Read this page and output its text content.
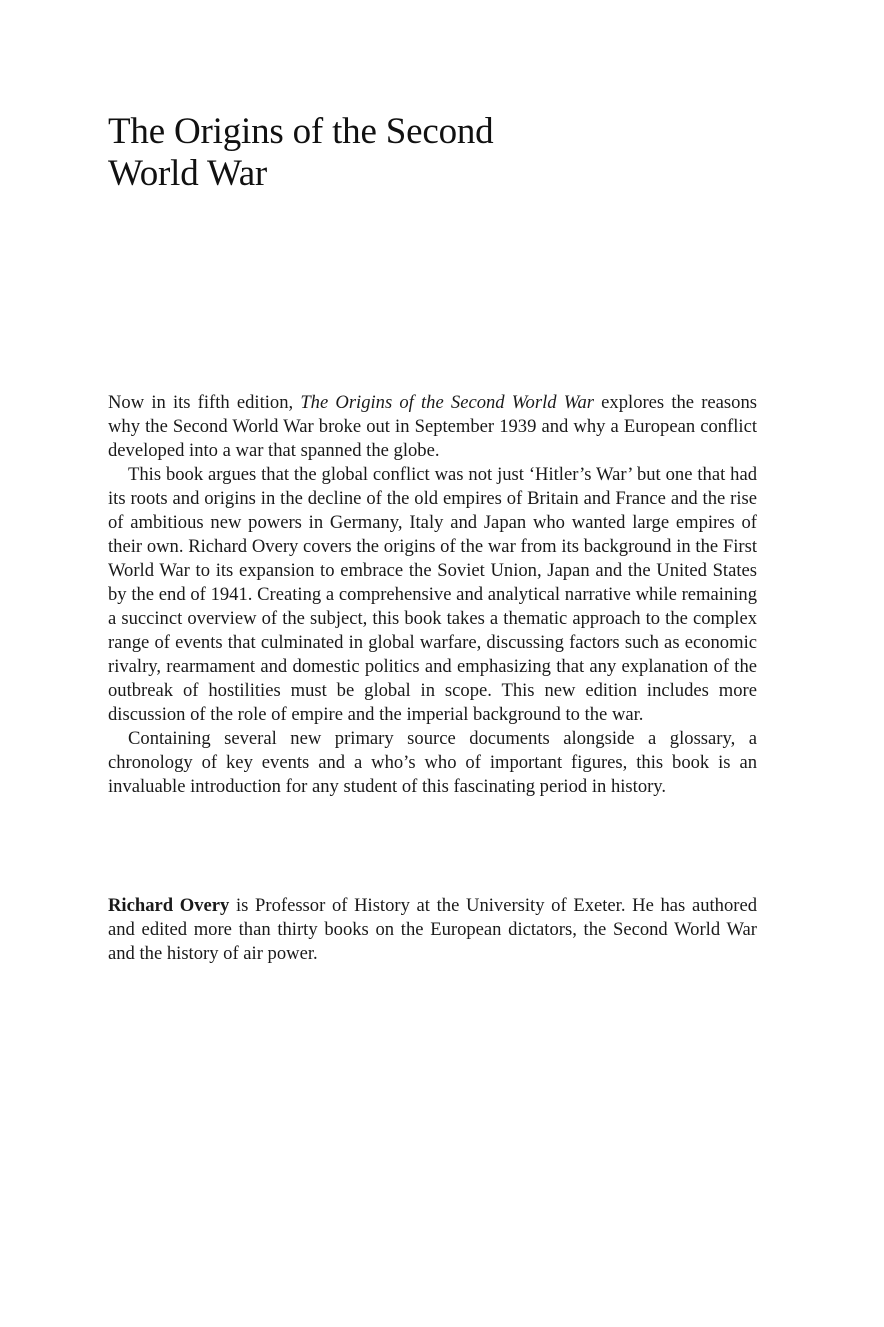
The Origins of the Second
World War

Now in its fifth edition, The Origins of the Second World War explores the reasons why the Second World War broke out in September 1939 and why a European conflict developed into a war that spanned the globe.

This book argues that the global conflict was not just ‘Hitler’s War’ but one that had its roots and origins in the decline of the old empires of Britain and France and the rise of ambitious new powers in Germany, Italy and Japan who wanted large empires of their own. Richard Overy covers the origins of the war from its background in the First World War to its expansion to embrace the Soviet Union, Japan and the United States by the end of 1941. Creating a comprehensive and analytical narrative while remaining a succinct overview of the subject, this book takes a thematic approach to the complex range of events that culminated in global warfare, discussing factors such as economic rivalry, rearmament and domestic politics and emphasizing that any explanation of the outbreak of hostilities must be global in scope. This new edition includes more discussion of the role of empire and the imperial background to the war.

Containing several new primary source documents alongside a glossary, a chronology of key events and a who’s who of important figures, this book is an invaluable introduction for any student of this fascinating period in history.

Richard Overy is Professor of History at the University of Exeter. He has authored and edited more than thirty books on the European dictators, the Second World War and the history of air power.
